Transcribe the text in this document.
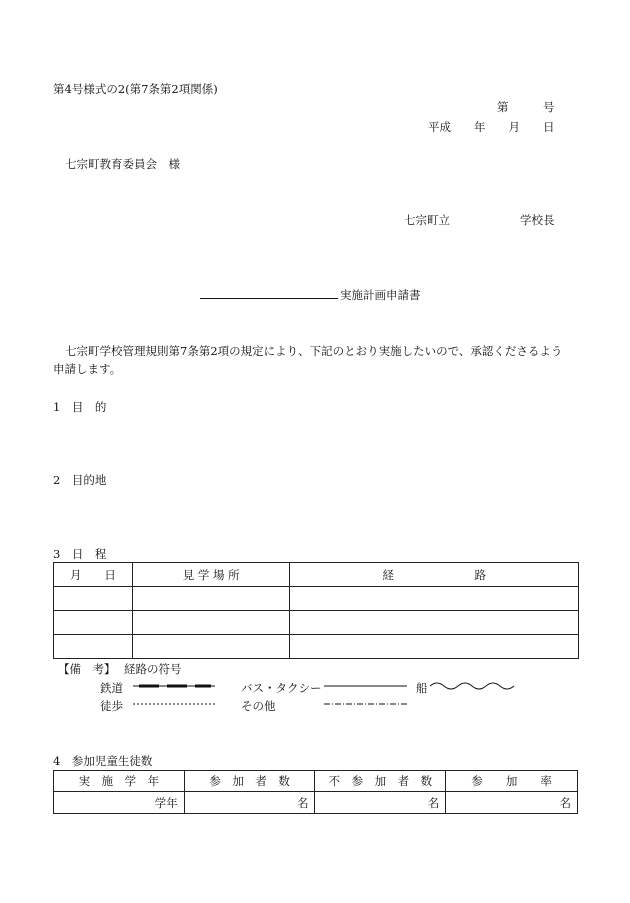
第4号様式の2(第7条第2項関係)
第　　　号
平成　　年　　月　　日
七宗町教育委員会　様
七宗町立	学校長
実施計画申請書
七宗町学校管理規則第7条第2項の規定により、下記のとおり実施したいので、承認くださるよう
申請します。
1　目　的
2　目的地
3　日　程
月　　日	見 学 場 所	経　　　　　　　路

【備　考】 経路の符号
鉄道	バス・タクシー	船
徒歩	その他
4　参加児童生徒数
実　施　学　年	参　加　者　数	不　参　加　者　数	参　　加　　率
学年	名	名	名
